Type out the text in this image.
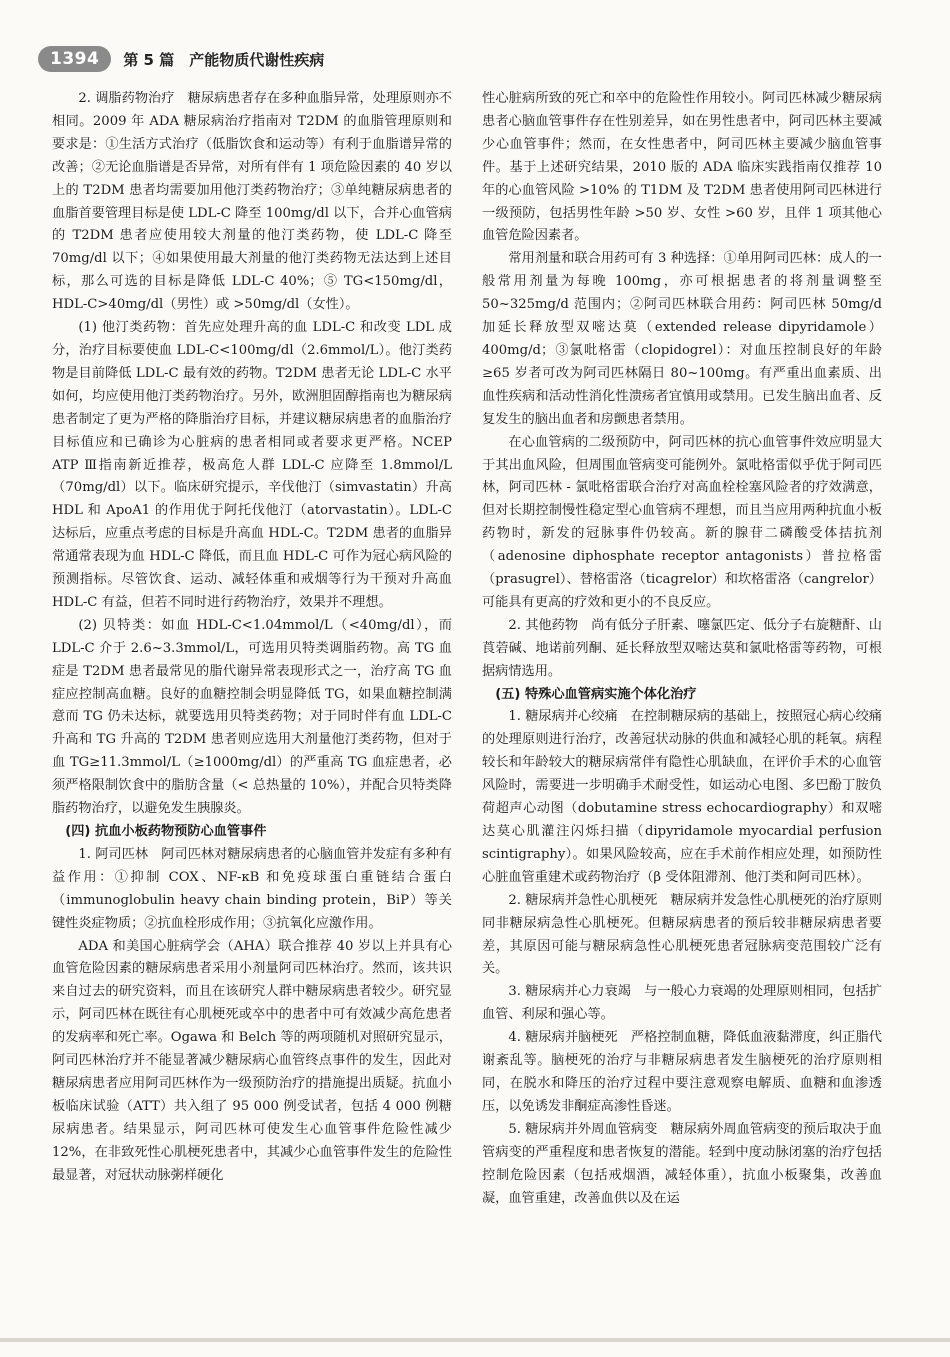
1394	第 5 篇　产能物质代谢性疾病

2. 调脂药物治疗　糖尿病患者存在多种血脂异常，处理原则亦不相同。2009 年 ADA 糖尿病治疗指南对 T2DM 的血脂管理原则和要求是：①生活方式治疗（低脂饮食和运动等）有利于血脂谱异常的改善；②无论血脂谱是否异常，对所有伴有 1 项危险因素的 40 岁以上的 T2DM 患者均需要加用他汀类药物治疗；③单纯糖尿病患者的血脂首要管理目标是使 LDL-C 降至 100mg/dl 以下，合并心血管病的 T2DM 患者应使用较大剂量的他汀类药物，使 LDL-C 降至 70mg/dl 以下；④如果使用最大剂量的他汀类药物无法达到上述目标，那么可选的目标是降低 LDL-C 40%；⑤ TG<150mg/dl，HDL-C>40mg/dl（男性）或 >50mg/dl（女性）。

(1) 他汀类药物：首先应处理升高的血 LDL-C 和改变 LDL 成分，治疗目标要使血 LDL-C<100mg/dl（2.6mmol/L）。他汀类药物是目前降低 LDL-C 最有效的药物。T2DM 患者无论 LDL-C 水平如何，均应使用他汀类药物治疗。另外，欧洲胆固醇指南也为糖尿病患者制定了更为严格的降脂治疗目标，并建议糖尿病患者的血脂治疗目标值应和已确诊为心脏病的患者相同或者要求更严格。NCEP ATP Ⅲ指南新近推荐，极高危人群 LDL-C 应降至 1.8mmol/L（70mg/dl）以下。临床研究提示，辛伐他汀（simvastatin）升高 HDL 和 ApoA1 的作用优于阿托伐他汀（atorvastatin）。LDL-C 达标后，应重点考虑的目标是升高血 HDL-C。T2DM 患者的血脂异常通常表现为血 HDL-C 降低，而且血 HDL-C 可作为冠心病风险的预测指标。尽管饮食、运动、减轻体重和戒烟等行为干预对升高血 HDL-C 有益，但若不同时进行药物治疗，效果并不理想。

(2) 贝特类：如血 HDL-C<1.04mmol/L（<40mg/dl），而 LDL-C 介于 2.6~3.3mmol/L，可选用贝特类调脂药物。高 TG 血症是 T2DM 患者最常见的脂代谢异常表现形式之一，治疗高 TG 血症应控制高血糖。良好的血糖控制会明显降低 TG，如果血糖控制满意而 TG 仍未达标，就要选用贝特类药物；对于同时伴有血 LDL-C 升高和 TG 升高的 T2DM 患者则应选用大剂量他汀类药物，但对于血 TG≥11.3mmol/L（≥1000mg/dl）的严重高 TG 血症患者，必须严格限制饮食中的脂肪含量（< 总热量的 10%），并配合贝特类降脂药物治疗，以避免发生胰腺炎。

(四) 抗血小板药物预防心血管事件

1. 阿司匹林　阿司匹林对糖尿病患者的心脑血管并发症有多种有益作用：①抑制 COX、NF-κB 和免疫球蛋白重链结合蛋白（immunoglobulin heavy chain binding protein，BiP）等关键性炎症物质；②抗血栓形成作用；③抗氧化应激作用。

ADA 和美国心脏病学会（AHA）联合推荐 40 岁以上并具有心血管危险因素的糖尿病患者采用小剂量阿司匹林治疗。然而，该共识来自过去的研究资料，而且在该研究人群中糖尿病患者较少。研究显示，阿司匹林在既往有心肌梗死或卒中的患者中可有效减少高危患者的发病率和死亡率。Ogawa 和 Belch 等的两项随机对照研究显示，阿司匹林治疗并不能显著减少糖尿病心血管终点事件的发生，因此对糖尿病患者应用阿司匹林作为一级预防治疗的措施提出质疑。抗血小板临床试验（ATT）共入组了 95 000 例受试者，包括 4 000 例糖尿病患者。结果显示，阿司匹林可使发生心血管事件危险性减少 12%，在非致死性心肌梗死患者中，其减少心血管事件发生的危险性最显著，对冠状动脉粥样硬化

性心脏病所致的死亡和卒中的危险性作用较小。阿司匹林减少糖尿病患者心脑血管事件存在性别差异，如在男性患者中，阿司匹林主要减少心血管事件；然而，在女性患者中，阿司匹林主要减少脑血管事件。基于上述研究结果，2010 版的 ADA 临床实践指南仅推荐 10 年的心血管风险 >10% 的 T1DM 及 T2DM 患者使用阿司匹林进行一级预防，包括男性年龄 >50 岁、女性 >60 岁，且伴 1 项其他心血管危险因素者。

常用剂量和联合用药可有 3 种选择：①单用阿司匹林：成人的一般常用剂量为每晚 100mg，亦可根据患者的将剂量调整至 50~325mg/d 范围内；②阿司匹林联合用药：阿司匹林 50mg/d 加延长释放型双嘧达莫（extended release dipyridamole）400mg/d；③氯吡格雷（clopidogrel）：对血压控制良好的年龄≥65 岁者可改为阿司匹林隔日 80~100mg。有严重出血素质、出血性疾病和活动性消化性溃疡者宜慎用或禁用。已发生脑出血者、反复发生的脑出血者和房颤患者禁用。

在心血管病的二级预防中，阿司匹林的抗心血管事件效应明显大于其出血风险，但周围血管病变可能例外。氯吡格雷似乎优于阿司匹林，阿司匹林 - 氯吡格雷联合治疗对高血栓栓塞风险者的疗效满意，但对长期控制慢性稳定型心血管病不理想，而且当应用两种抗血小板药物时，新发的冠脉事件仍较高。新的腺苷二磷酸受体拮抗剂（adenosine diphosphate receptor antagonists）普拉格雷（prasugrel）、替格雷洛（ticagrelor）和坎格雷洛（cangrelor）可能具有更高的疗效和更小的不良反应。

2. 其他药物　尚有低分子肝素、噻氯匹定、低分子右旋糖酐、山莨菪碱、地诺前列酮、延长释放型双嘧达莫和氯吡格雷等药物，可根据病情选用。

(五) 特殊心血管病实施个体化治疗

1. 糖尿病并心绞痛　在控制糖尿病的基础上，按照冠心病心绞痛的处理原则进行治疗，改善冠状动脉的供血和减轻心肌的耗氧。病程较长和年龄较大的糖尿病常伴有隐性心肌缺血，在评价手术的心血管风险时，需要进一步明确手术耐受性，如运动心电图、多巴酚丁胺负荷超声心动图（dobutamine stress echocardiography）和双嘧达莫心肌灌注闪烁扫描（dipyridamole myocardial perfusion scintigraphy）。如果风险较高，应在手术前作相应处理，如预防性心脏血管重建术或药物治疗（β 受体阻滞剂、他汀类和阿司匹林）。

2. 糖尿病并急性心肌梗死　糖尿病并发急性心肌梗死的治疗原则同非糖尿病急性心肌梗死。但糖尿病患者的预后较非糖尿病患者要差，其原因可能与糖尿病急性心肌梗死患者冠脉病变范围较广泛有关。

3. 糖尿病并心力衰竭　与一般心力衰竭的处理原则相同，包括扩血管、利尿和强心等。

4. 糖尿病并脑梗死　严格控制血糖，降低血液黏滞度，纠正脂代谢紊乱等。脑梗死的治疗与非糖尿病患者发生脑梗死的治疗原则相同，在脱水和降压的治疗过程中要注意观察电解质、血糖和血渗透压，以免诱发非酮症高渗性昏迷。

5. 糖尿病并外周血管病变　糖尿病外周血管病变的预后取决于血管病变的严重程度和患者恢复的潜能。轻到中度动脉闭塞的治疗包括控制危险因素（包括戒烟酒，减轻体重），抗血小板聚集，改善血凝，血管重建，改善血供以及在运
